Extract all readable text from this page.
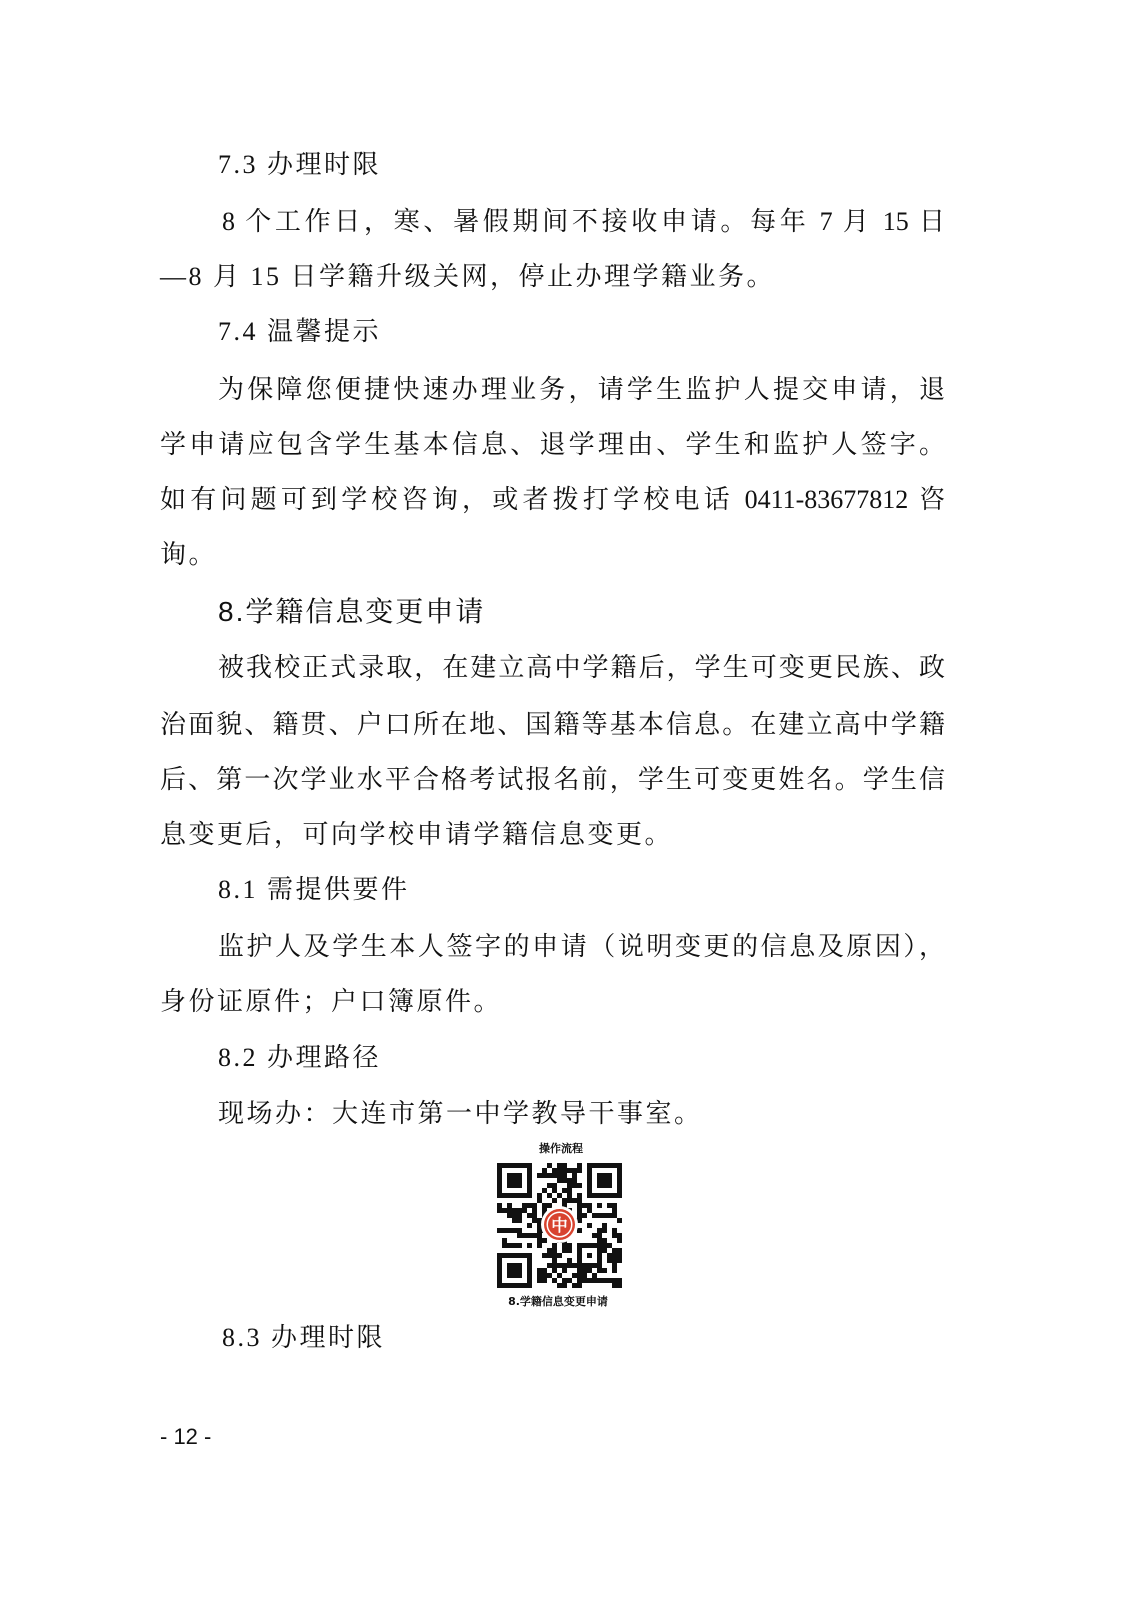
7.3 办理时限
8 个工作日，寒、暑假期间不接收申请。每年 7 月 15 日
—8 月 15 日学籍升级关网，停止办理学籍业务。
7.4 温馨提示
为保障您便捷快速办理业务，请学生监护人提交申请，退
学申请应包含学生基本信息、退学理由、学生和监护人签字。
如有问题可到学校咨询，或者拨打学校电话 0411-83677812 咨
询。
8.学籍信息变更申请
被我校正式录取，在建立高中学籍后，学生可变更民族、政
治面貌、籍贯、户口所在地、国籍等基本信息。在建立高中学籍
后、第一次学业水平合格考试报名前，学生可变更姓名。学生信
息变更后，可向学校申请学籍信息变更。
8.1 需提供要件
监护人及学生本人签字的申请（说明变更的信息及原因），
身份证原件；户口簿原件。
8.2 办理路径
现场办：大连市第一中学教导干事室。
操作流程
中
8.学籍信息变更申请
8.3 办理时限
- 12 -
